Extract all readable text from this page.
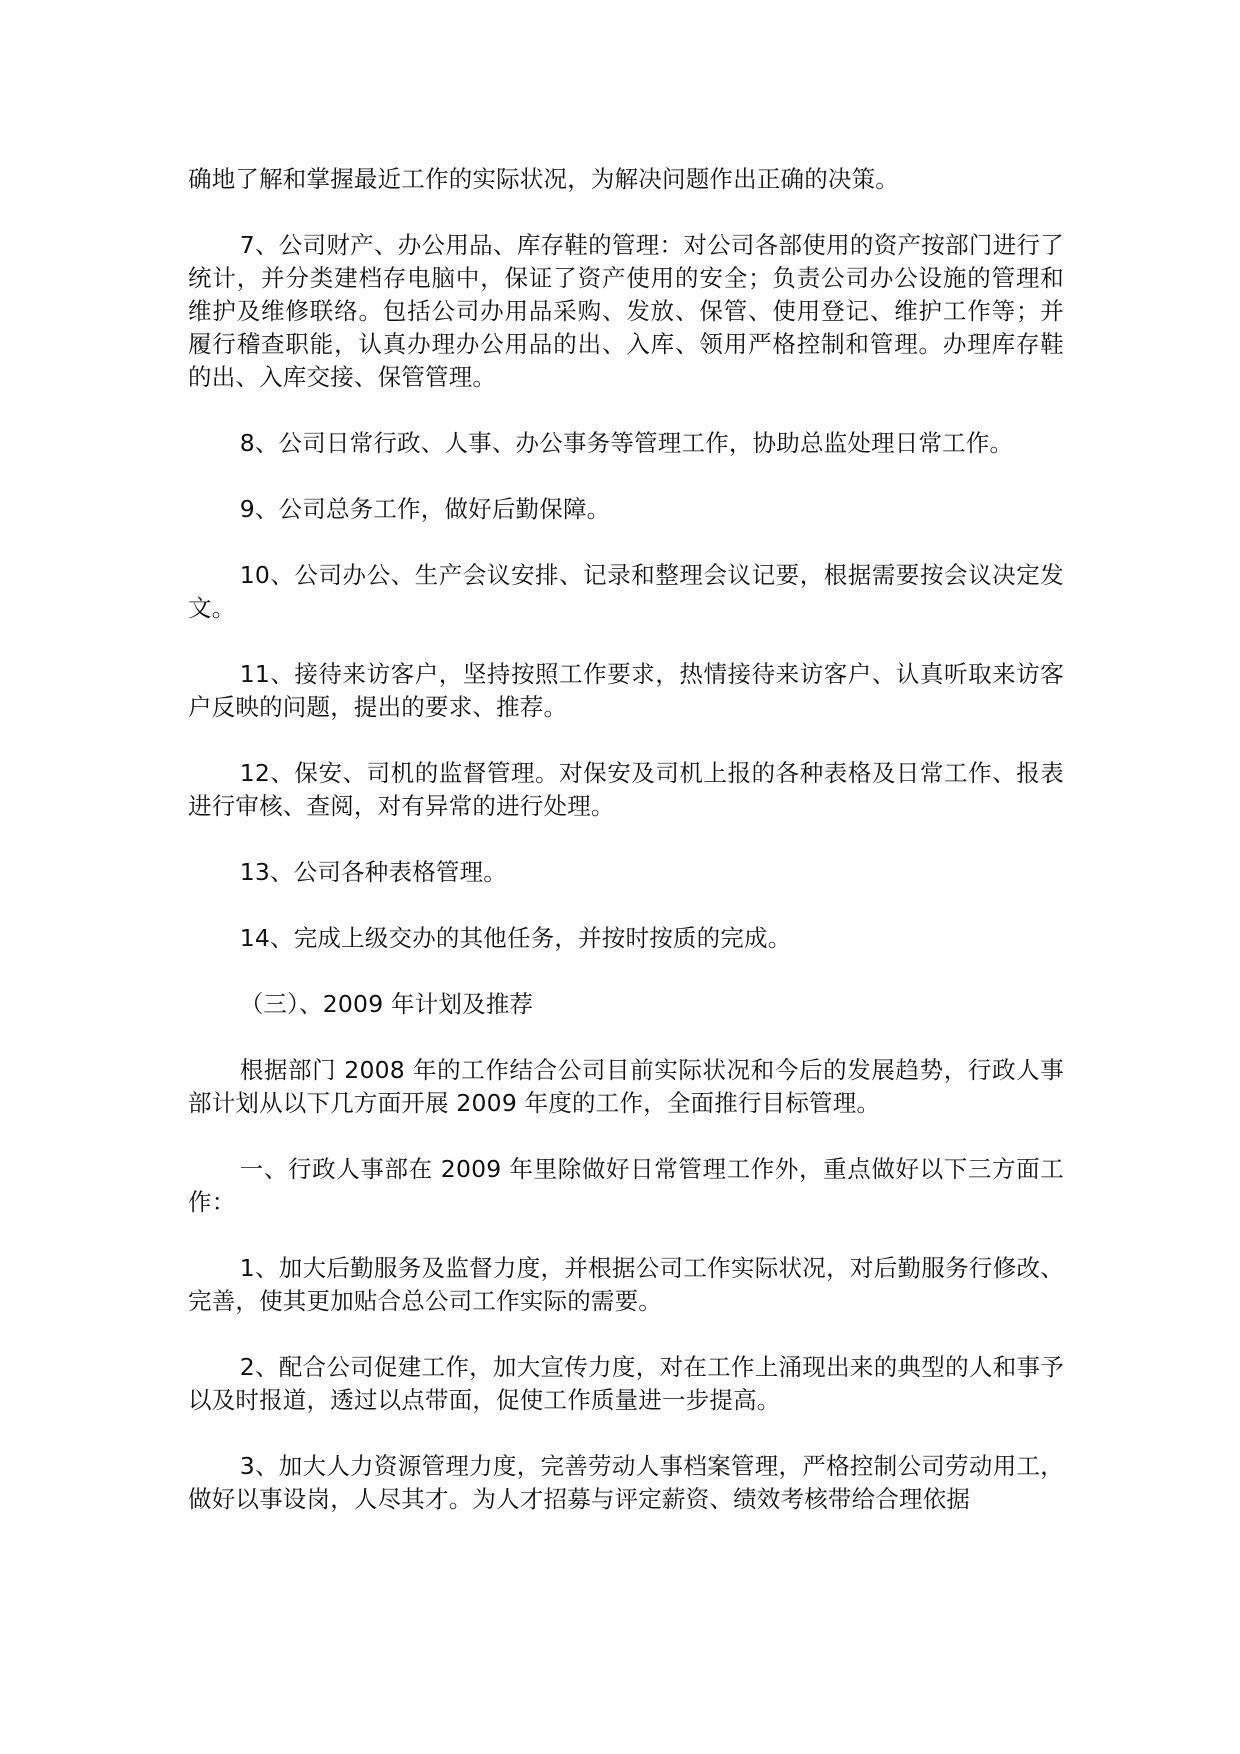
确地了解和掌握最近工作的实际状况，为解决问题作出正确的决策。

7、公司财产、办公用品、库存鞋的管理：对公司各部使用的资产按部门进行了统计，并分类建档存电脑中，保证了资产使用的安全；负责公司办公设施的管理和维护及维修联络。包括公司办用品采购、发放、保管、使用登记、维护工作等；并履行稽查职能，认真办理办公用品的出、入库、领用严格控制和管理。办理库存鞋的出、入库交接、保管管理。

8、公司日常行政、人事、办公事务等管理工作，协助总监处理日常工作。

9、公司总务工作，做好后勤保障。

10、公司办公、生产会议安排、记录和整理会议记要，根据需要按会议决定发文。

11、接待来访客户，坚持按照工作要求，热情接待来访客户、认真听取来访客户反映的问题，提出的要求、推荐。

12、保安、司机的监督管理。对保安及司机上报的各种表格及日常工作、报表进行审核、查阅，对有异常的进行处理。

13、公司各种表格管理。

14、完成上级交办的其他任务，并按时按质的完成。

（三）、2009 年计划及推荐

根据部门 2008 年的工作结合公司目前实际状况和今后的发展趋势，行政人事部计划从以下几方面开展 2009 年度的工作，全面推行目标管理。

一、行政人事部在 2009 年里除做好日常管理工作外，重点做好以下三方面工作：

1、加大后勤服务及监督力度，并根据公司工作实际状况，对后勤服务行修改、完善，使其更加贴合总公司工作实际的需要。

2、配合公司促建工作，加大宣传力度，对在工作上涌现出来的典型的人和事予以及时报道，透过以点带面，促使工作质量进一步提高。

3、加大人力资源管理力度，完善劳动人事档案管理，严格控制公司劳动用工，做好以事设岗，人尽其才。为人才招募与评定薪资、绩效考核带给合理依据
